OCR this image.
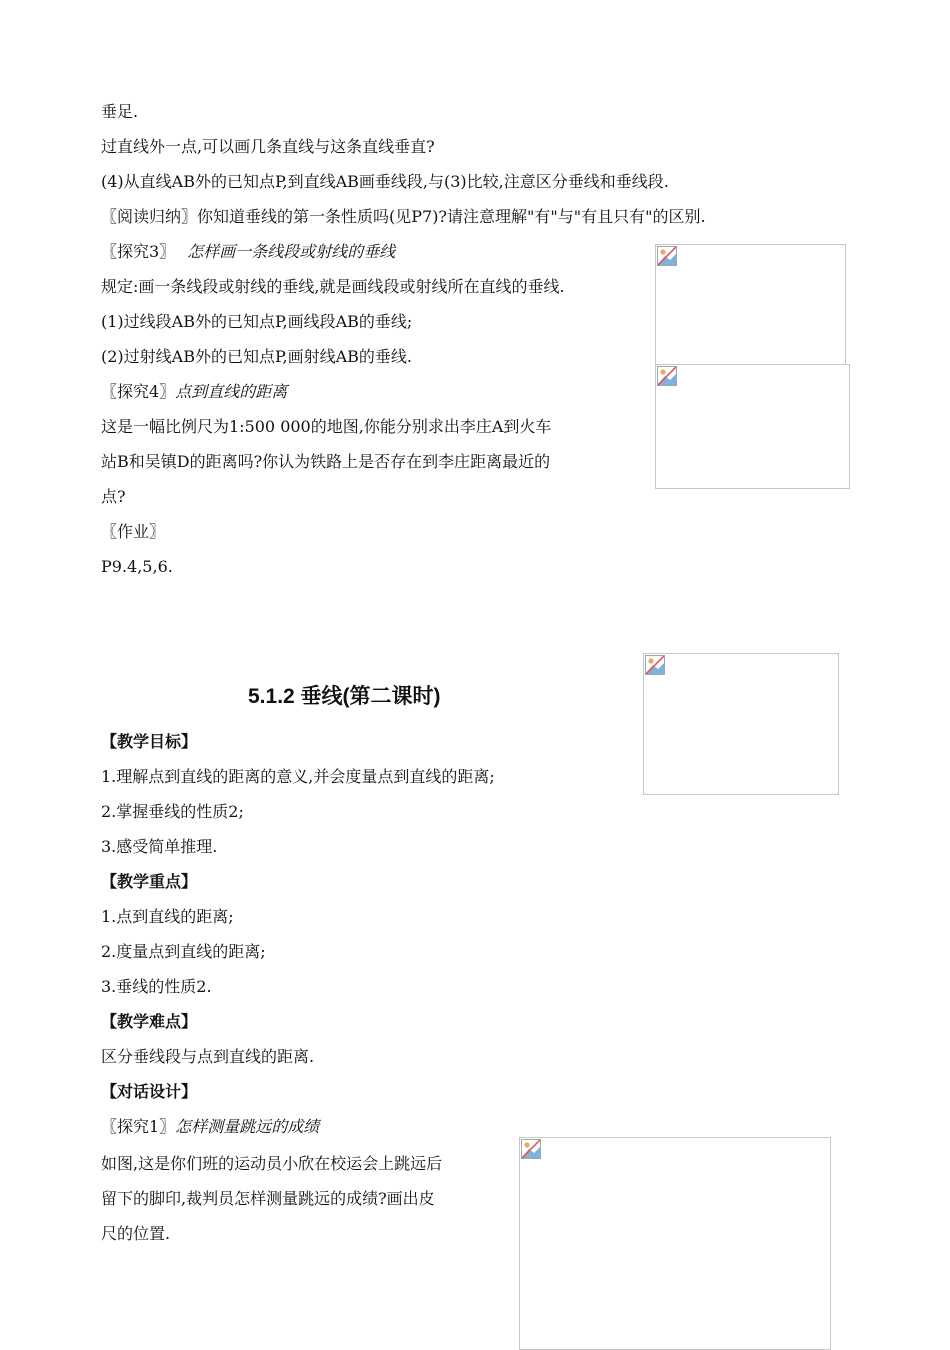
垂足.
过直线外一点,可以画几条直线与这条直线垂直?
(4)从直线AB外的已知点P,到直线AB画垂线段,与(3)比较,注意区分垂线和垂线段.
〖阅读归纳〗你知道垂线的第一条性质吗(见P7)?请注意理解"有"与"有且只有"的区别.
〖探究3〗 怎样画一条线段或射线的垂线
规定:画一条线段或射线的垂线,就是画线段或射线所在直线的垂线.
(1)过线段AB外的已知点P,画线段AB的垂线;
(2)过射线AB外的已知点P,画射线AB的垂线.
〖探究4〗点到直线的距离
这是一幅比例尺为1:500 000的地图,你能分别求出李庄A到火车
站B和吴镇D的距离吗?你认为铁路上是否存在到李庄距离最近的
点?
〖作业〗
P9.4,5,6.
5.1.2 垂线(第二课时)
【教学目标】
1.理解点到直线的距离的意义,并会度量点到直线的距离;
2.掌握垂线的性质2;
3.感受简单推理.
【教学重点】
1.点到直线的距离;
2.度量点到直线的距离;
3.垂线的性质2.
【教学难点】
区分垂线段与点到直线的距离.
【对话设计】
〖探究1〗怎样测量跳远的成绩
如图,这是你们班的运动员小欣在校运会上跳远后
留下的脚印,裁判员怎样测量跳远的成绩?画出皮
尺的位置.
